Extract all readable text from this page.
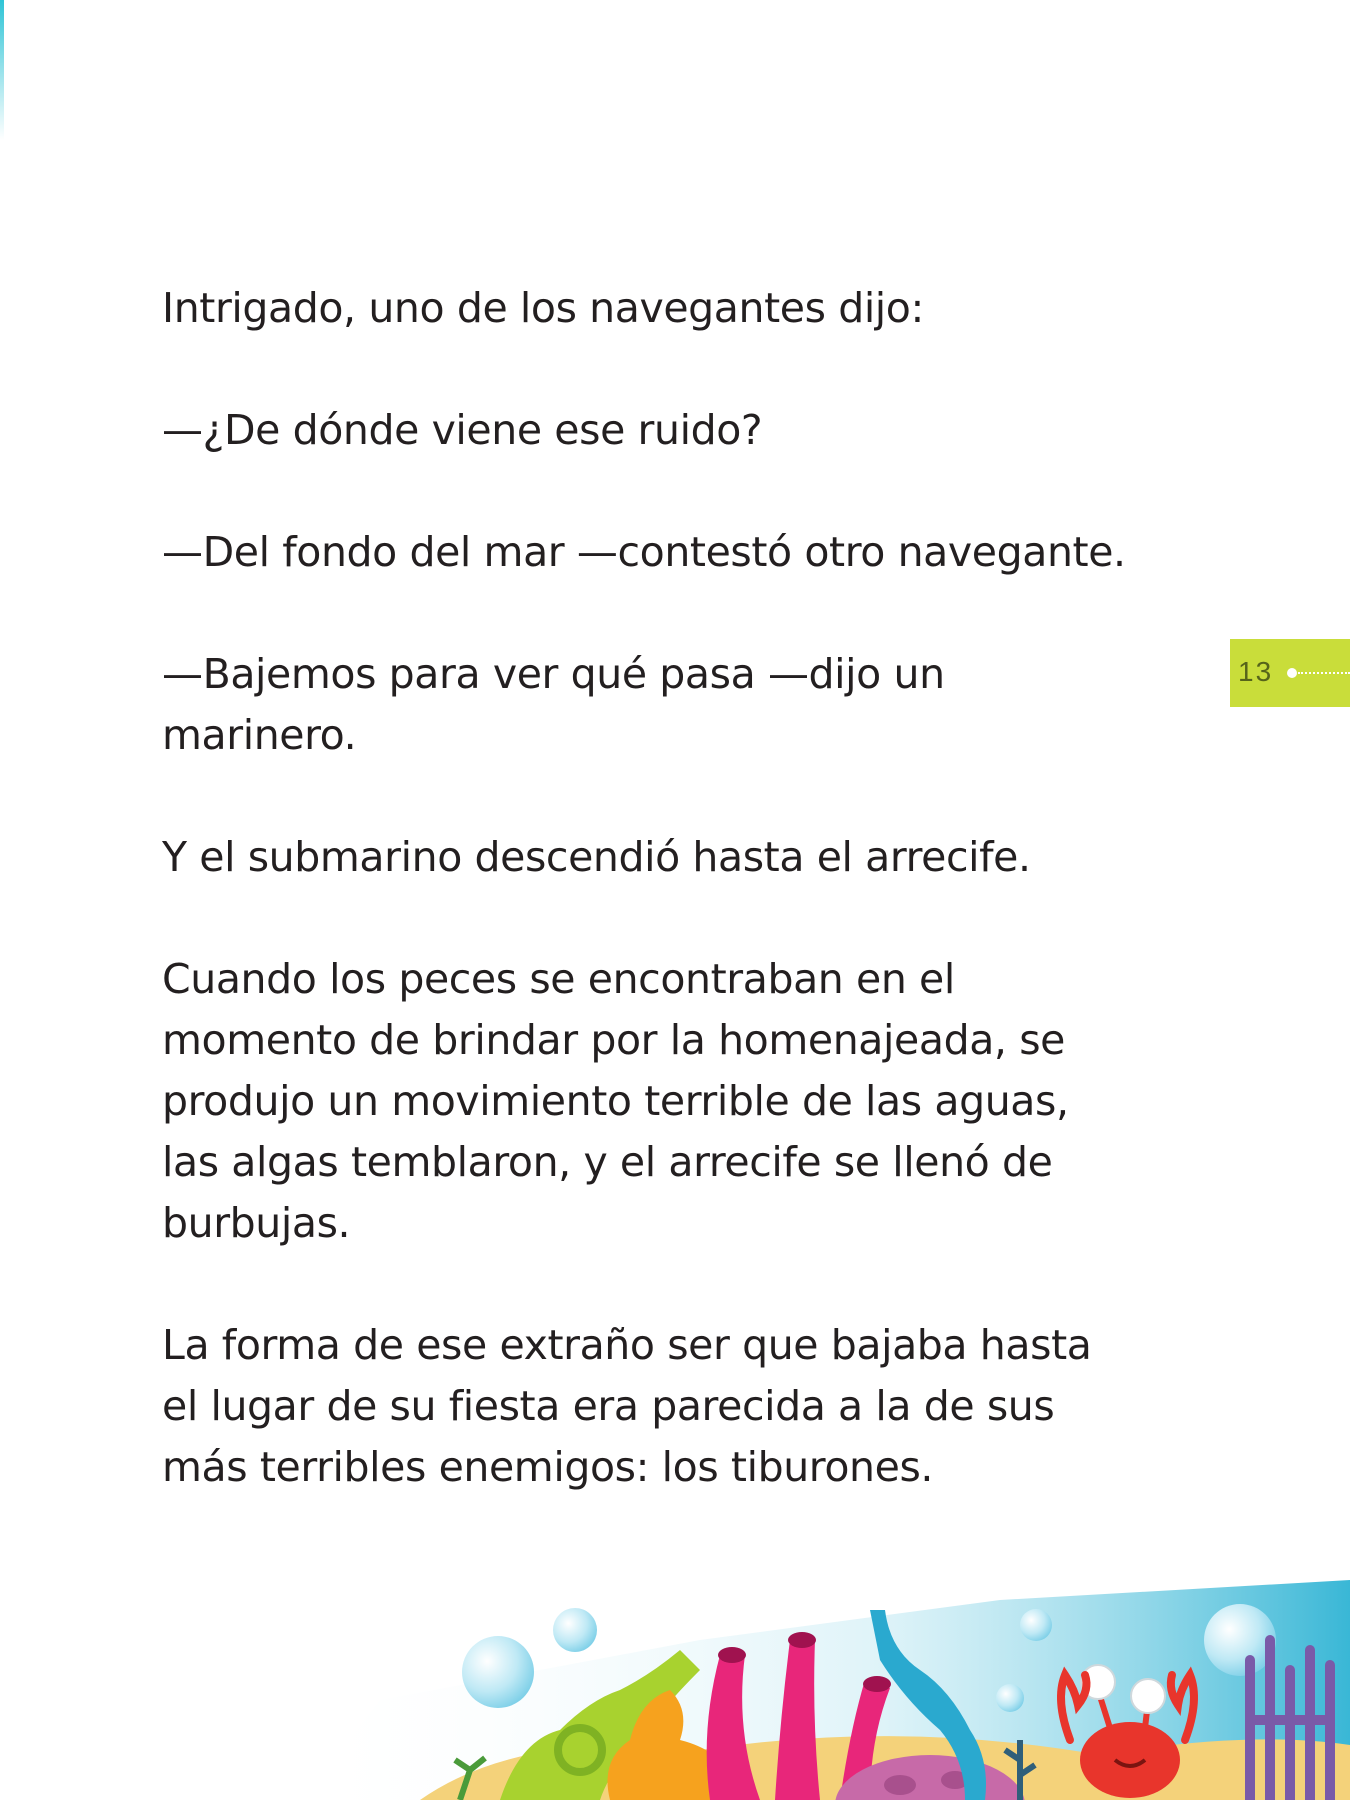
Intrigado, uno de los navegantes dijo:

—¿De dónde viene ese ruido?

—Del fondo del mar —contestó otro navegante.

—Bajemos para ver qué pasa —dijo un
marinero.

Y el submarino descendió hasta el arrecife.

Cuando los peces se encontraban en el
momento de brindar por la homenajeada, se
produjo un movimiento terrible de las aguas,
las algas temblaron, y el arrecife se llenó de
burbujas.

La forma de ese extraño ser que bajaba hasta
el lugar de su fiesta era parecida a la de sus
más terribles enemigos: los tiburones.

13
